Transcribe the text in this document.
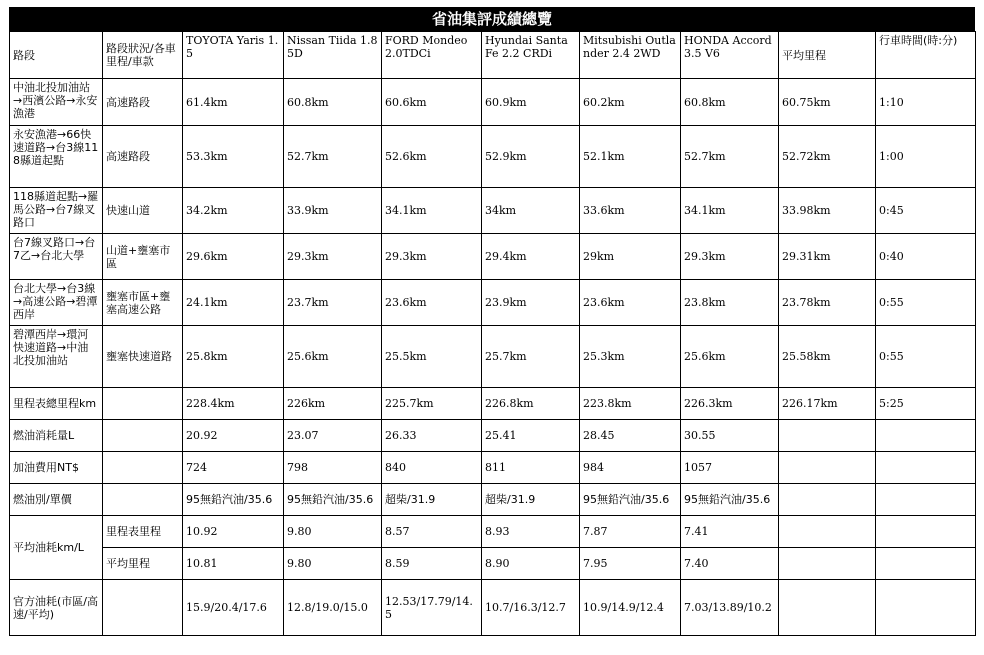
省油集評成績總覽
路段	路段狀況/各車里程/車款	TOYOTA Yaris 1.5	Nissan Tiida 1.8 5D	FORD Mondeo 2.0TDCi	Hyundai Santa Fe 2.2 CRDi	Mitsubishi Outlander 2.4 2WD	HONDA Accord 3.5 V6	平均里程	行車時間(時:分)
中油北投加油站→西濱公路→永安漁港	高速路段	61.4km	60.8km	60.6km	60.9km	60.2km	60.8km	60.75km	1:10
永安漁港→66快速道路→台3線118縣道起點	高速路段	53.3km	52.7km	52.6km	52.9km	52.1km	52.7km	52.72km	1:00
118縣道起點→羅馬公路→台7線叉路口	快速山道	34.2km	33.9km	34.1km	34km	33.6km	34.1km	33.98km	0:45
台7線叉路口→台7乙→台北大學	山道+壅塞市區	29.6km	29.3km	29.3km	29.4km	29km	29.3km	29.31km	0:40
台北大學→台3線→高速公路→碧潭西岸	壅塞市區+壅塞高速公路	24.1km	23.7km	23.6km	23.9km	23.6km	23.8km	23.78km	0:55
碧潭西岸→環河快速道路→中油北投加油站	壅塞快速道路	25.8km	25.6km	25.5km	25.7km	25.3km	25.6km	25.58km	0:55
里程表總里程km		228.4km	226km	225.7km	226.8km	223.8km	226.3km	226.17km	5:25
燃油消耗量L		20.92	23.07	26.33	25.41	28.45	30.55		
加油費用NT$		724	798	840	811	984	1057		
燃油別/單價		95無鉛汽油/35.6	95無鉛汽油/35.6	超柴/31.9	超柴/31.9	95無鉛汽油/35.6	95無鉛汽油/35.6		
平均油耗km/L	里程表里程	10.92	9.80	8.57	8.93	7.87	7.41		
	平均里程	10.81	9.80	8.59	8.90	7.95	7.40		
官方油耗(市區/高速/平均)		15.9/20.4/17.6	12.8/19.0/15.0	12.53/17.79/14.5	10.7/16.3/12.7	10.9/14.9/12.4	7.03/13.89/10.2		
